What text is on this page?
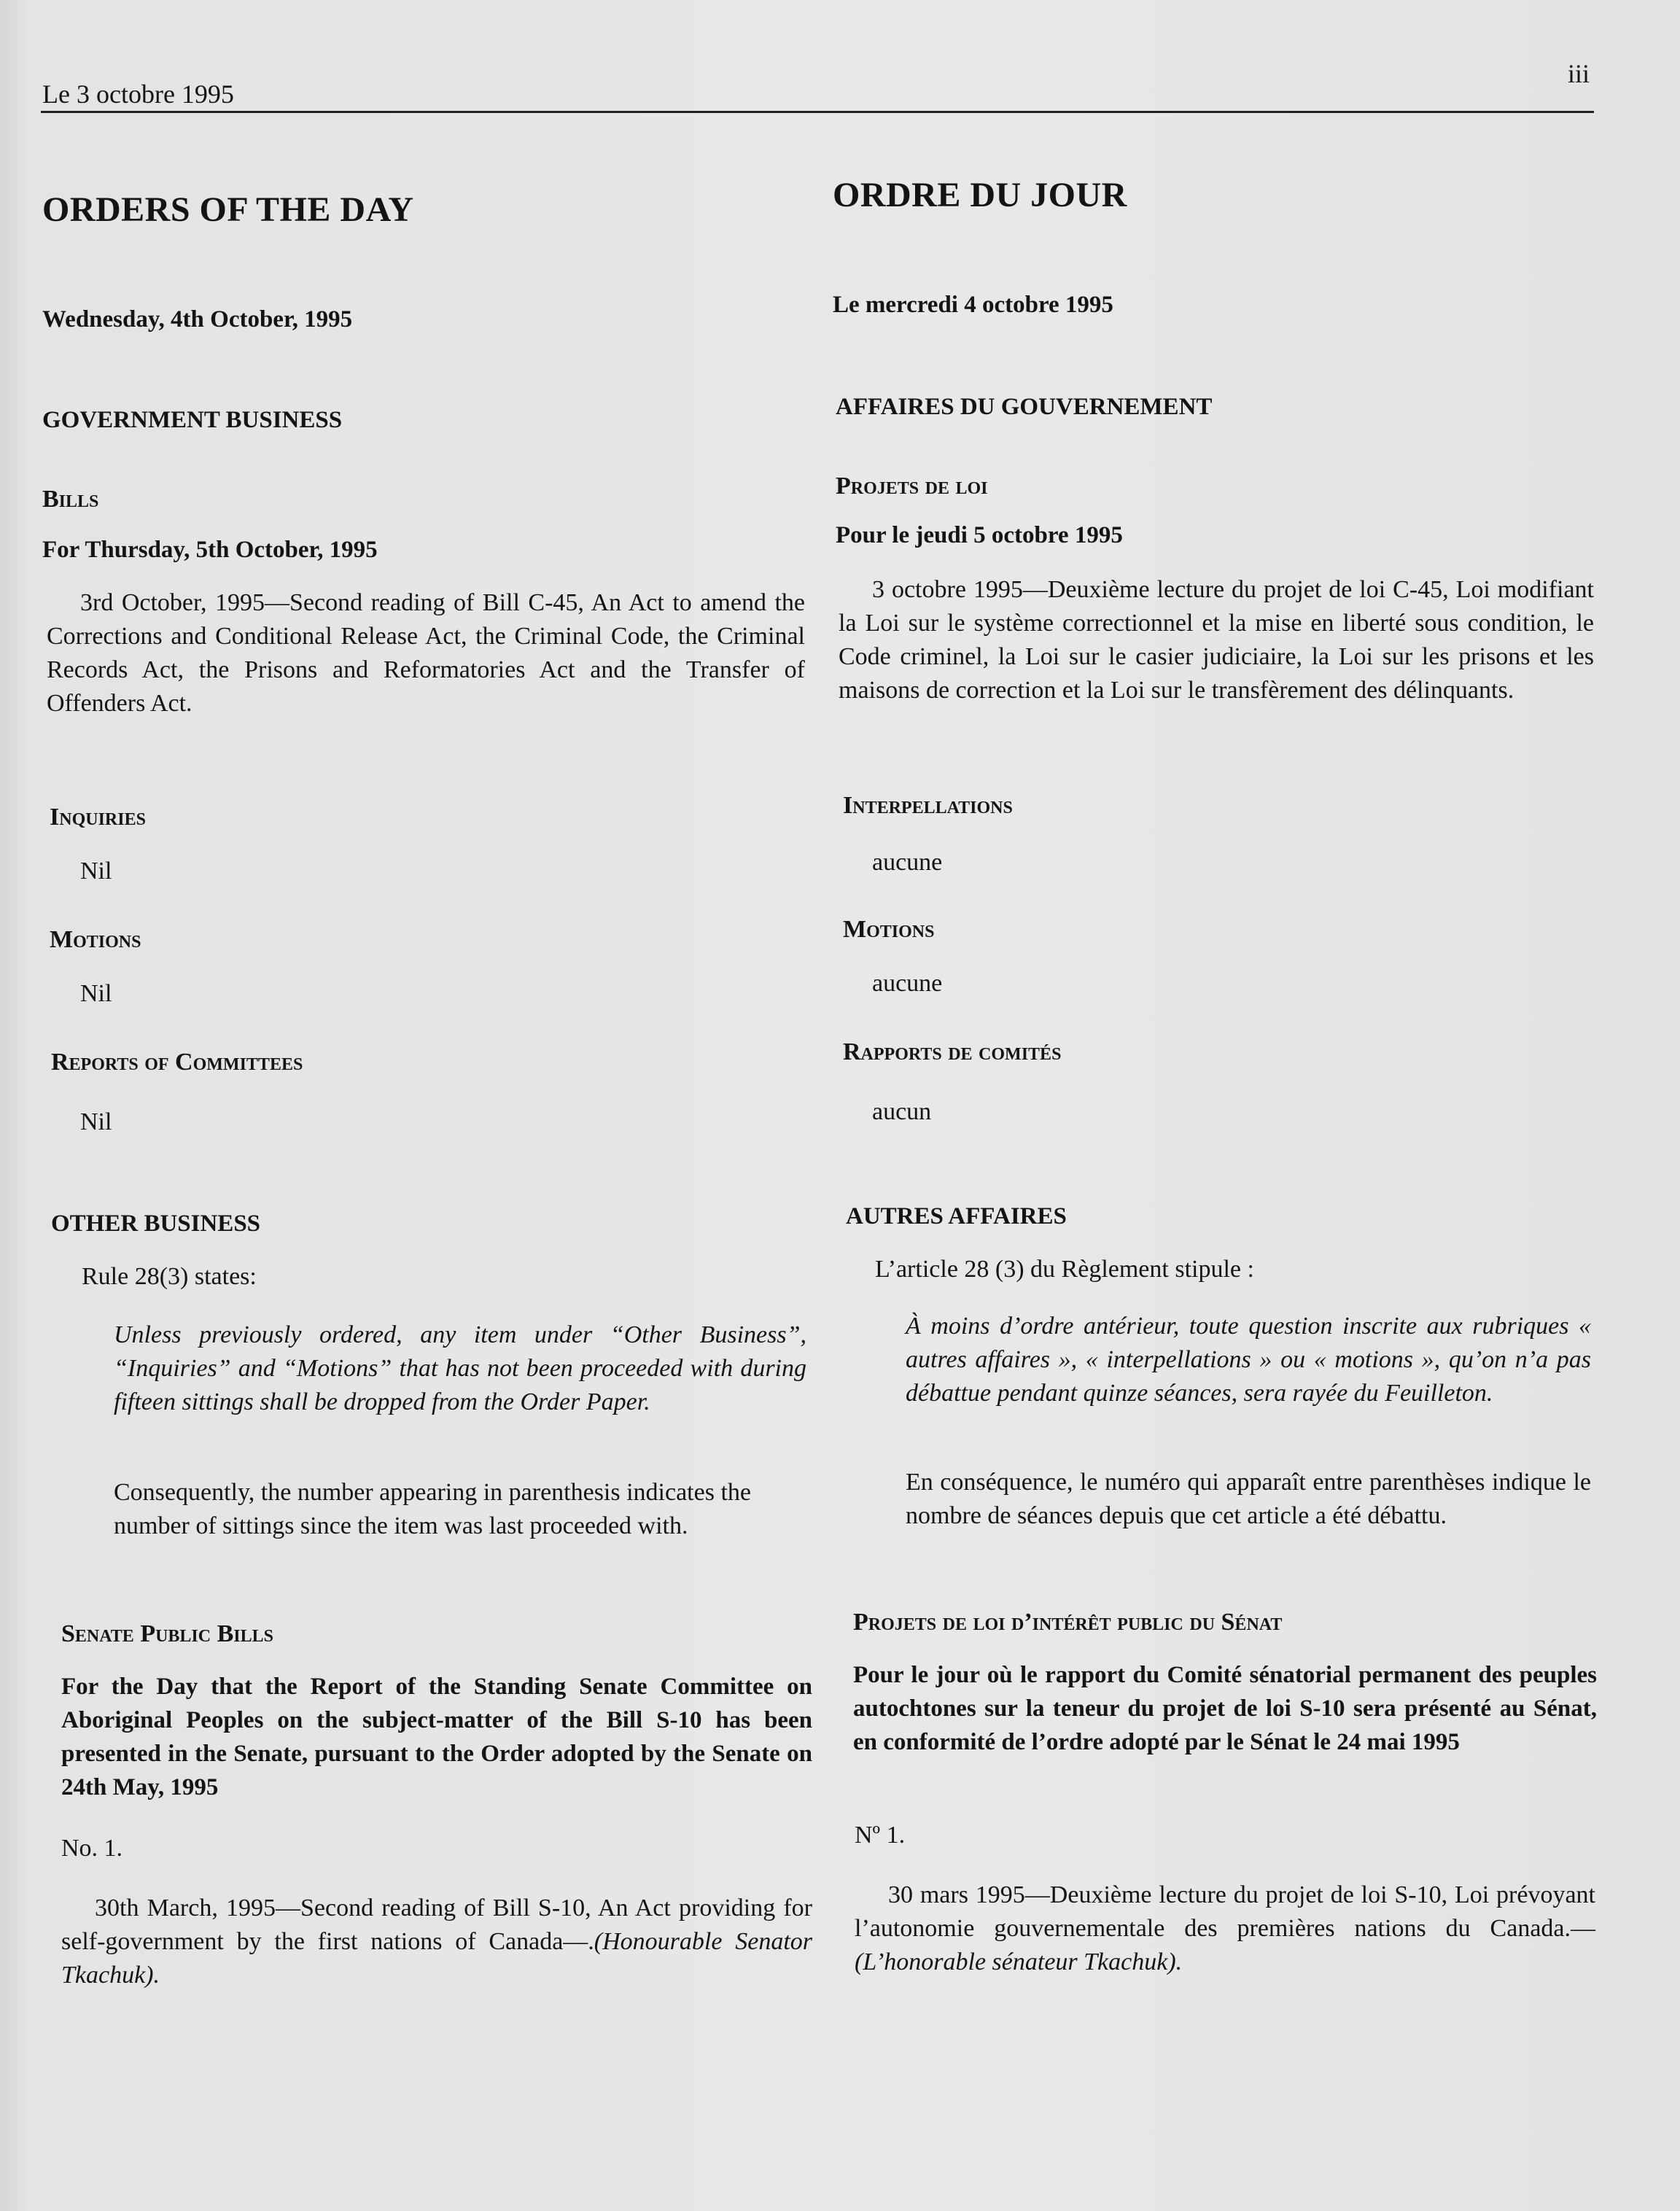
Le 3 octobre 1995
iii
ORDERS OF THE DAY
Wednesday, 4th October, 1995
GOVERNMENT BUSINESS
Bills
For Thursday, 5th October, 1995

3rd October, 1995—Second reading of Bill C-45, An Act to amend the Corrections and Conditional Release Act, the Criminal Code, the Criminal Records Act, the Prisons and Reformatories Act and the Transfer of Offenders Act.

Inquiries
Nil
Motions
Nil
Reports of Committees
Nil
OTHER BUSINESS
Rule 28(3) states:

Unless previously ordered, any item under “Other Business”, “Inquiries” and “Motions” that has not been proceeded with during fifteen sittings shall be dropped from the Order Paper.

Consequently, the number appearing in parenthesis indicates the number of sittings since the item was last proceeded with.

Senate Public Bills

For the Day that the Report of the Standing Senate Committee on Aboriginal Peoples on the subject-matter of the Bill S-10 has been presented in the Senate, pursuant to the Order adopted by the Senate on 24th May, 1995

No. 1.

30th March, 1995—Second reading of Bill S-10, An Act providing for self-government by the first nations of Canada—.(Honourable Senator Tkachuk).

ORDRE DU JOUR
Le mercredi 4 octobre 1995
AFFAIRES DU GOUVERNEMENT
Projets de loi
Pour le jeudi 5 octobre 1995

3 octobre 1995—Deuxième lecture du projet de loi C-45, Loi modifiant la Loi sur le système correctionnel et la mise en liberté sous condition, le Code criminel, la Loi sur le casier judiciaire, la Loi sur les prisons et les maisons de correction et la Loi sur le transfèrement des délinquants.

Interpellations
aucune
Motions
aucune
Rapports de comités
aucun
AUTRES AFFAIRES
L’article 28 (3) du Règlement stipule :

À moins d’ordre antérieur, toute question inscrite aux rubriques « autres affaires », « interpellations » ou « motions », qu’on n’a pas débattue pendant quinze séances, sera rayée du Feuilleton.

En conséquence, le numéro qui apparaît entre parenthèses indique le nombre de séances depuis que cet article a été débattu.

Projets de loi d’intérêt public du Sénat

Pour le jour où le rapport du Comité sénatorial permanent des peuples autochtones sur la teneur du projet de loi S-10 sera présenté au Sénat, en conformité de l’ordre adopté par le Sénat le 24 mai 1995

Nº 1.

30 mars 1995—Deuxième lecture du projet de loi S-10, Loi prévoyant l’autonomie gouvernementale des premières nations du Canada.—(L’honorable sénateur Tkachuk).
